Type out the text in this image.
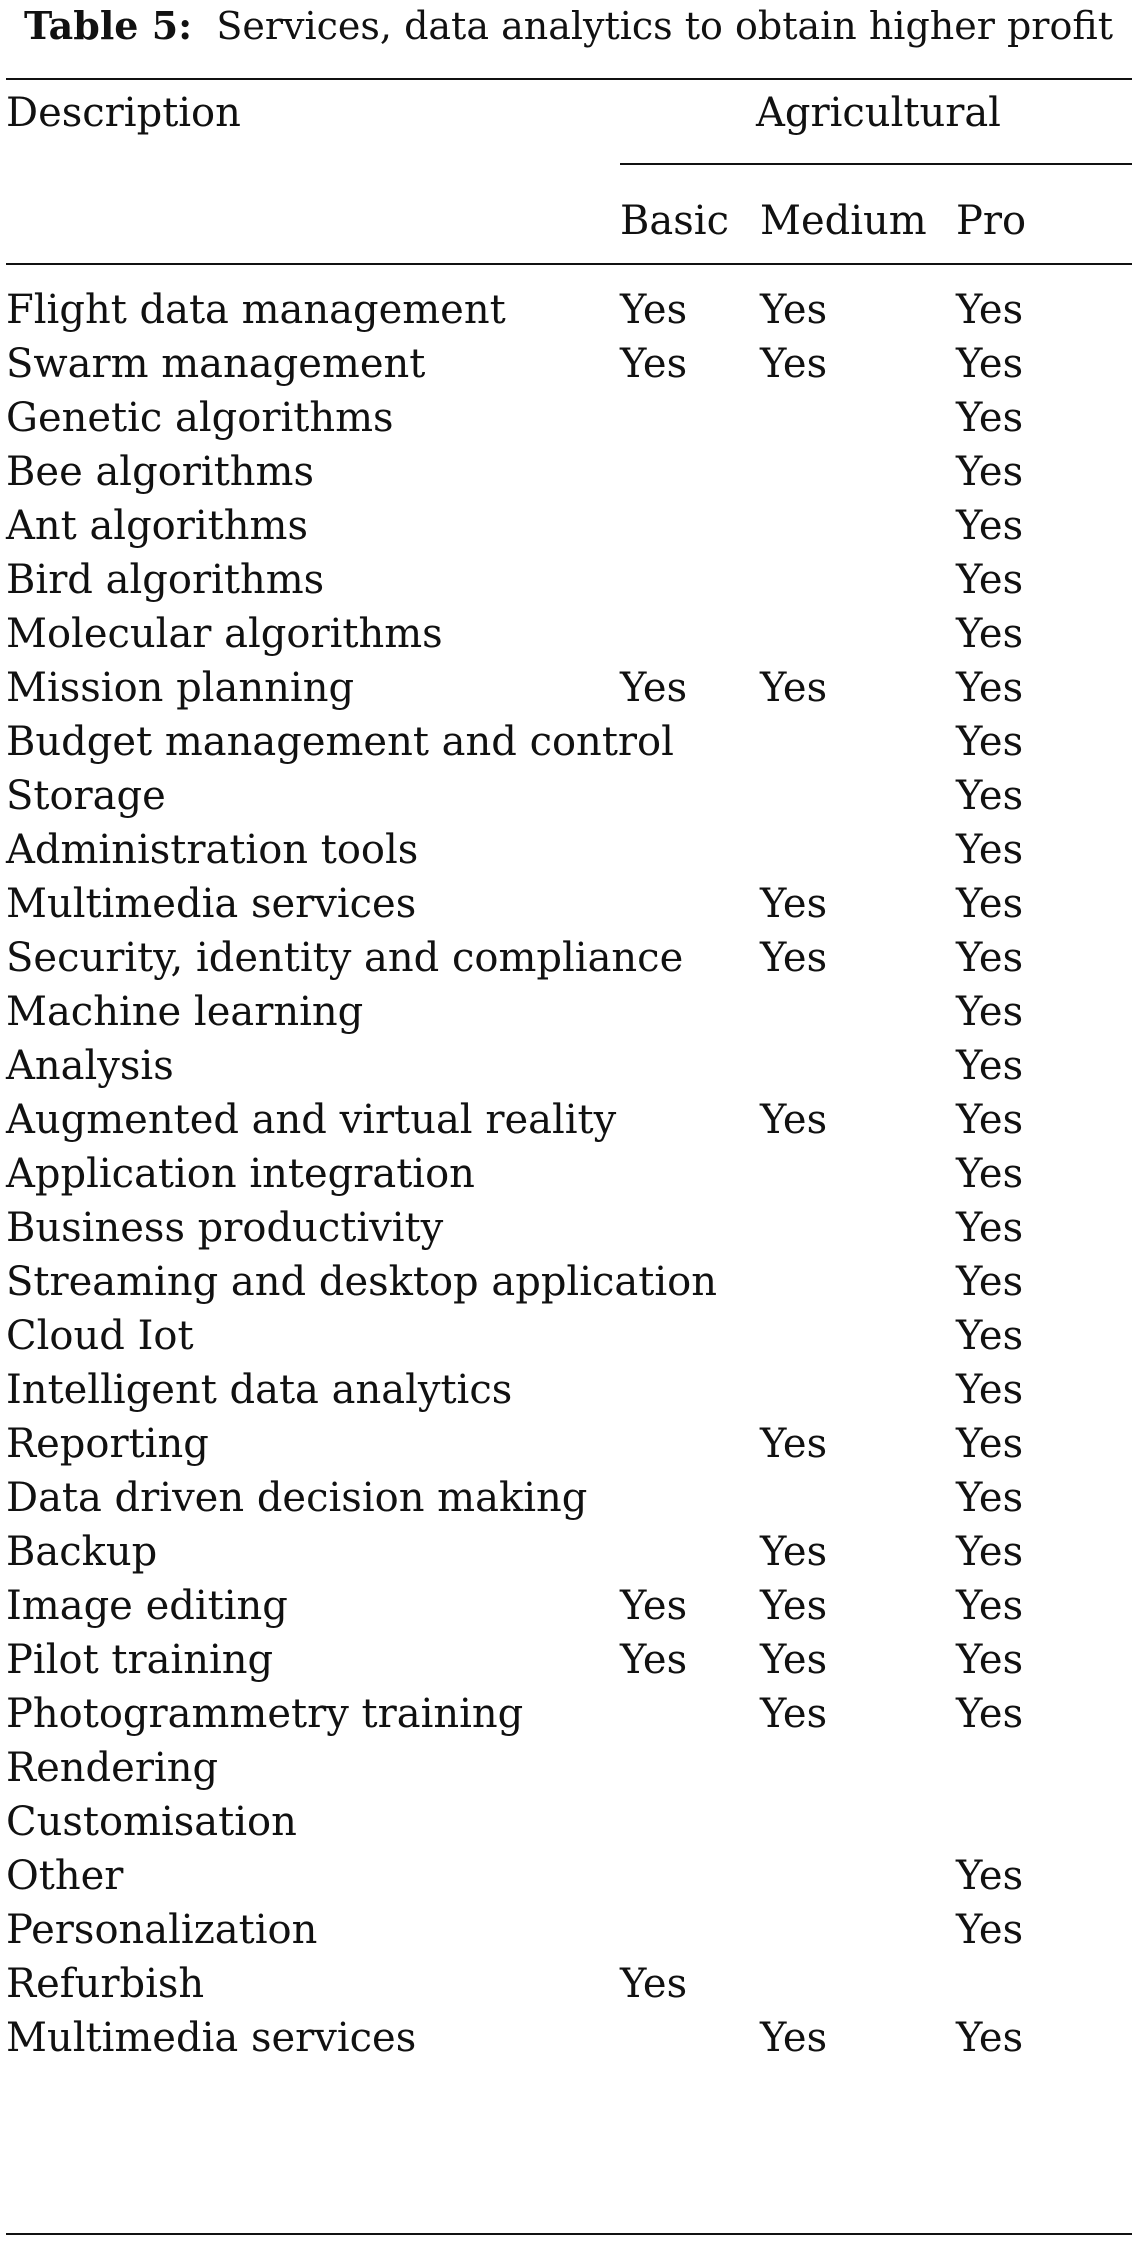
Table 5: Services, data analytics to obtain higher profit
Description	Agricultural
Basic Medium Pro
Flight data management	Yes	Yes	Yes

Swarm management	Yes	Yes	Yes

Genetic algorithms			Yes

Bee algorithms			Yes

Ant algorithms			Yes

Bird algorithms			Yes

Molecular algorithms			Yes

Mission planning	Yes	Yes	Yes

Budget management and control			Yes

Storage			Yes

Administration tools			Yes

Multimedia services		Yes	Yes

Security, identity and compliance		Yes	Yes

Machine learning			Yes

Analysis			Yes

Augmented and virtual reality		Yes	Yes

Application integration			Yes

Business productivity			Yes

Streaming and desktop application			Yes

Cloud Iot			Yes

Intelligent data analytics			Yes

Reporting		Yes	Yes

Data driven decision making			Yes

Backup		Yes	Yes

Image editing	Yes	Yes	Yes

Pilot training	Yes	Yes	Yes

Photogrammetry training		Yes	Yes

Rendering			

Customisation			

Other			Yes

Personalization			Yes

Refurbish	Yes		

Multimedia services		Yes	Yes
